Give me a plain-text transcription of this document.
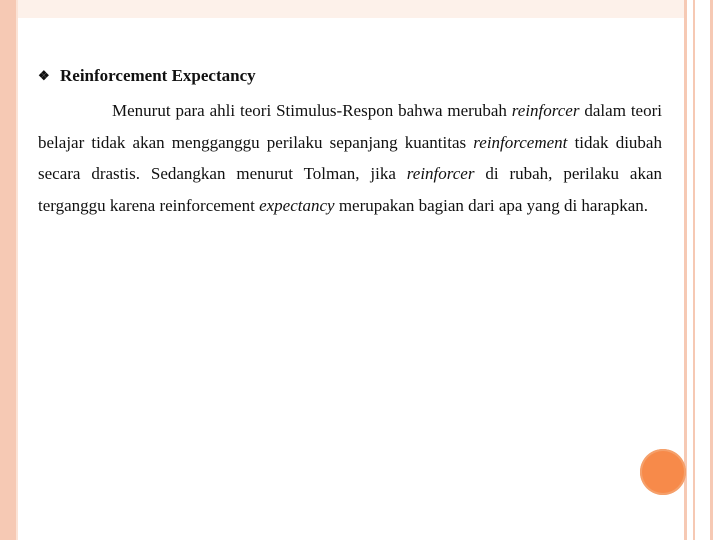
❖ Reinforcement Expectancy

Menurut para ahli teori Stimulus-Respon bahwa merubah reinforcer dalam teori belajar tidak akan mengganggu perilaku sepanjang kuantitas reinforcement tidak diubah secara drastis. Sedangkan menurut Tolman, jika reinforcer di rubah, perilaku akan terganggu karena reinforcement expectancy merupakan bagian dari apa yang di harapkan.
